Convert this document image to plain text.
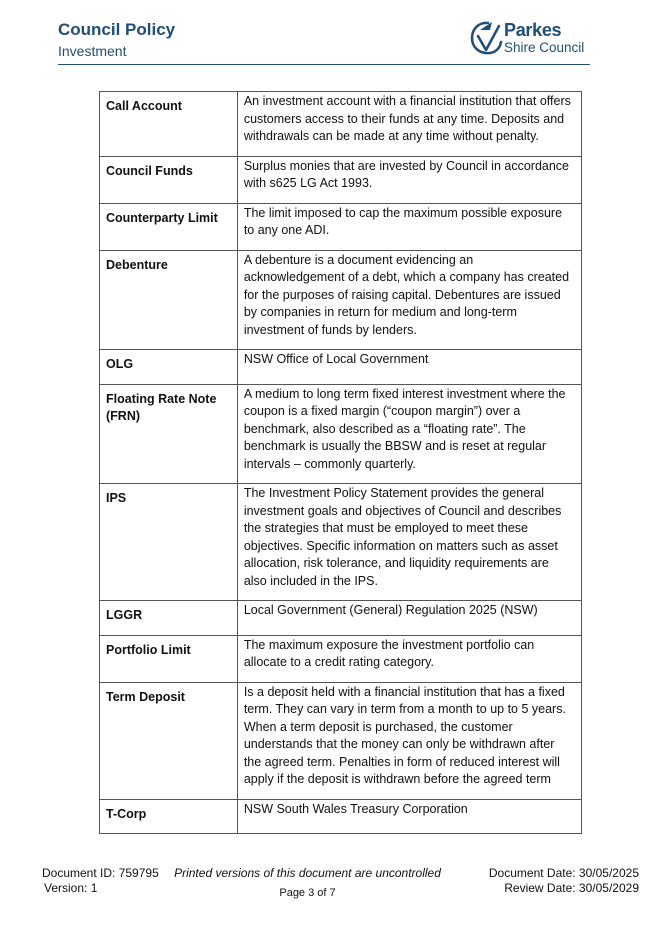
Council Policy
Investment
Parkes
Shire Council
Call Account	An investment account with a financial institution that offers customers access to their funds at any time. Deposits and withdrawals can be made at any time without penalty.
Council Funds	Surplus monies that are invested by Council in accordance with s625 LG Act 1993.
Counterparty Limit	The limit imposed to cap the maximum possible exposure to any one ADI.
Debenture	A debenture is a document evidencing an acknowledgement of a debt, which a company has created for the purposes of raising capital. Debentures are issued by companies in return for medium and long-term investment of funds by lenders.
OLG	NSW Office of Local Government
Floating Rate Note (FRN)	A medium to long term fixed interest investment where the coupon is a fixed margin (“coupon margin”) over a benchmark, also described as a “floating rate”. The benchmark is usually the BBSW and is reset at regular intervals – commonly quarterly.
IPS	The Investment Policy Statement provides the general investment goals and objectives of Council and describes the strategies that must be employed to meet these objectives. Specific information on matters such as asset allocation, risk tolerance, and liquidity requirements are also included in the IPS.
LGGR	Local Government (General) Regulation 2025 (NSW)
Portfolio Limit	The maximum exposure the investment portfolio can allocate to a credit rating category.
Term Deposit	Is a deposit held with a financial institution that has a fixed term. They can vary in term from a month to up to 5 years. When a term deposit is purchased, the customer understands that the money can only be withdrawn after the agreed term. Penalties in form of reduced interest will apply if the deposit is withdrawn before the agreed term
T-Corp	NSW South Wales Treasury Corporation
Printed versions of this document are uncontrolled
Page 3 of 7
Document ID: 759795
Version: 1
Document Date: 30/05/2025
Review Date: 30/05/2029
